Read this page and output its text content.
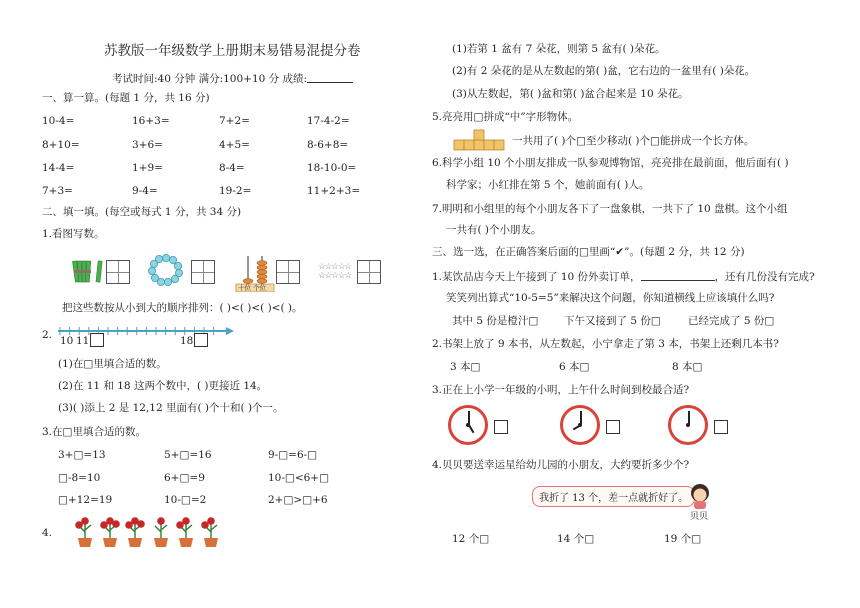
苏教版一年级数学上册期末易错易混提分卷
考试时间:40 分钟 满分:100+10 分 成绩:
一、算一算。(每题 1 分，共 16 分)
10-4=	16+3=	7+2=	17-4-2=
8+10=	3+6=	4+5=	8-6+8=
14-4=	1+9=	8-4=	18-10-0=
7+3=	9-4=	19-2=	11+2+3=
二、填一填。(每空或每式 1 分，共 34 分)
1.看图写数。
十位 个位
☆☆☆☆☆
☆☆☆☆☆
把这些数按从小到大的顺序排列：( )<( )<( )<( )。
2. 10 11	18
(1)在□里填合适的数。
(2)在 11 和 18 这两个数中，( )更接近 14。
(3)( )添上 2 是 12,12 里面有( )个十和( )个一。
3.在□里填合适的数。
3+□=13	5+□=16	9-□=6-□
□-8=10	6+□=9	10-□<6+□
□+12=19	10-□=2	2+□>□+6
4.
(1)若第 1 盆有 7 朵花，则第 5 盆有( )朵花。
(2)有 2 朵花的是从左数起的第( )盆，它右边的一盆里有( )朵花。
(3)从左数起，第( )盆和第( )盆合起来是 10 朵花。
5.亮亮用□拼成“中”字形物体。
一共用了( )个□至少移动( )个□能拼成一个长方体。
6.科学小组 10 个小朋友排成一队参观博物馆，亮亮排在最前面，他后面有( )
科学家；小红排在第 5 个，她前面有( )人。
7.明明和小组里的每个小朋友各下了一盘象棋，一共下了 10 盘棋。这个小组
一共有( )个小朋友。
三、选一选，在正确答案后面的□里画“✔”。(每题 2 分，共 12 分)
1.某饮品店今天上午接到了 10 份外卖订单，	，还有几份没有完成?
笑笑列出算式“10-5=5”来解决这个问题，你知道横线上应该填什么吗?
其中 5 份是橙汁□ 下午又接到了 5 份□	已经完成了 5 份□
2.书架上放了 9 本书，从左数起，小宁拿走了第 3 本，书架上还剩几本书?
3 本□	6 本□	8 本□
3.正在上小学一年级的小明，上午什么时间到校最合适?
4.贝贝要送幸运星给幼儿园的小朋友，大约要折多少个?
我折了 13 个，差一点就折好了。
贝贝
12 个□	14 个□	19 个□
